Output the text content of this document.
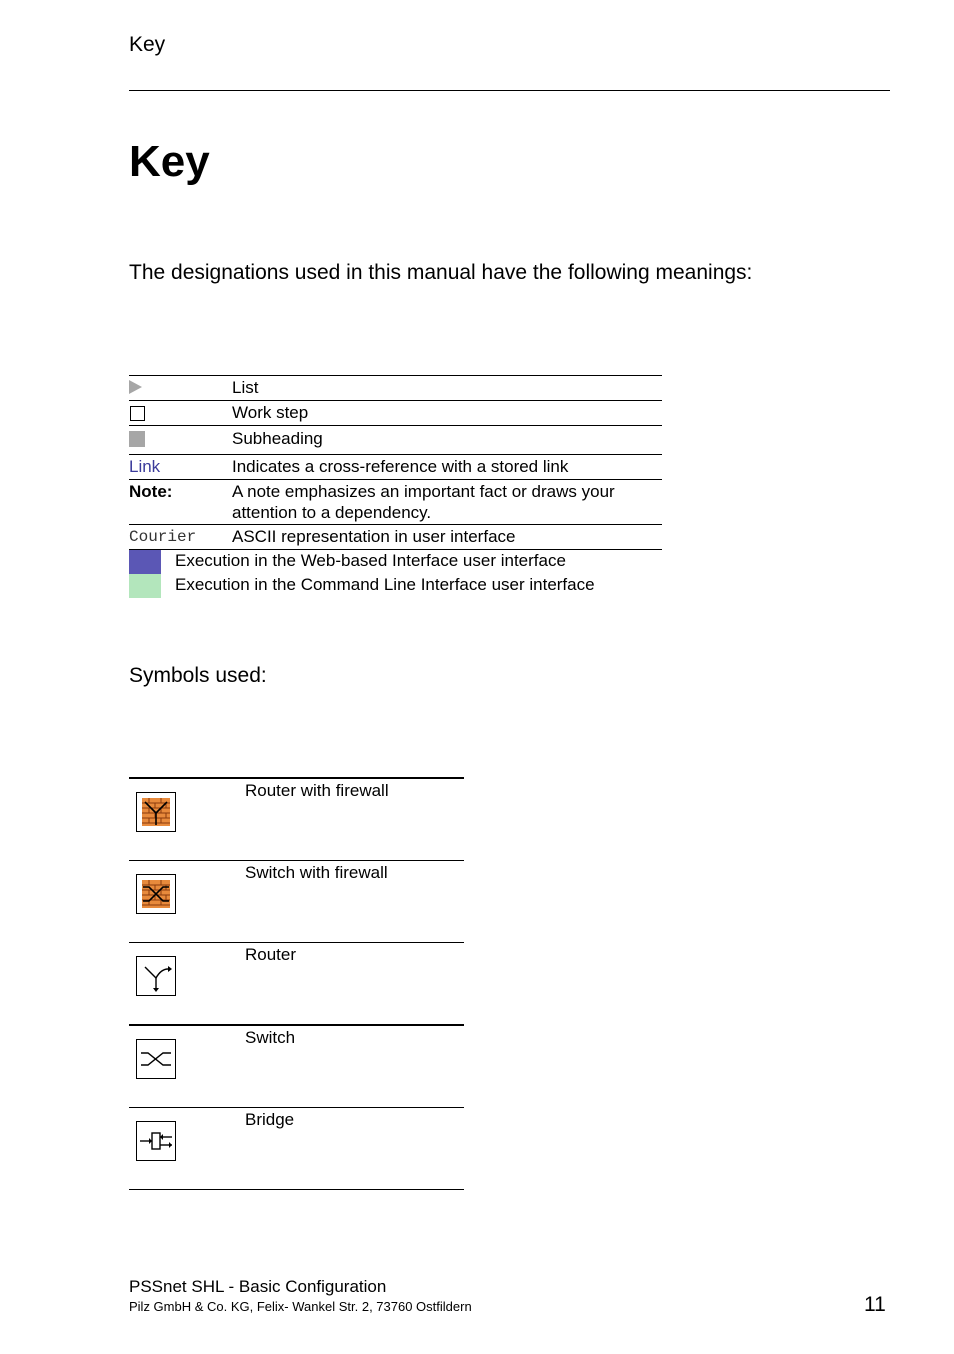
Key
Key
The designations used in this manual have the following meanings:
List
Work step
Subheading
Link	Indicates a cross-reference with a stored link
Note:	A note emphasizes an important fact or draws your attention to a dependency.
Courier ASCII representation in user interface
Execution in the Web-based Interface user interface
Execution in the Command Line Interface user interface
Symbols used:
Router with firewall
Switch with firewall
Router
Switch
Bridge
PSSnet SHL - Basic Configuration
Pilz GmbH & Co. KG, Felix- Wankel Str. 2, 73760 Ostfildern	11
